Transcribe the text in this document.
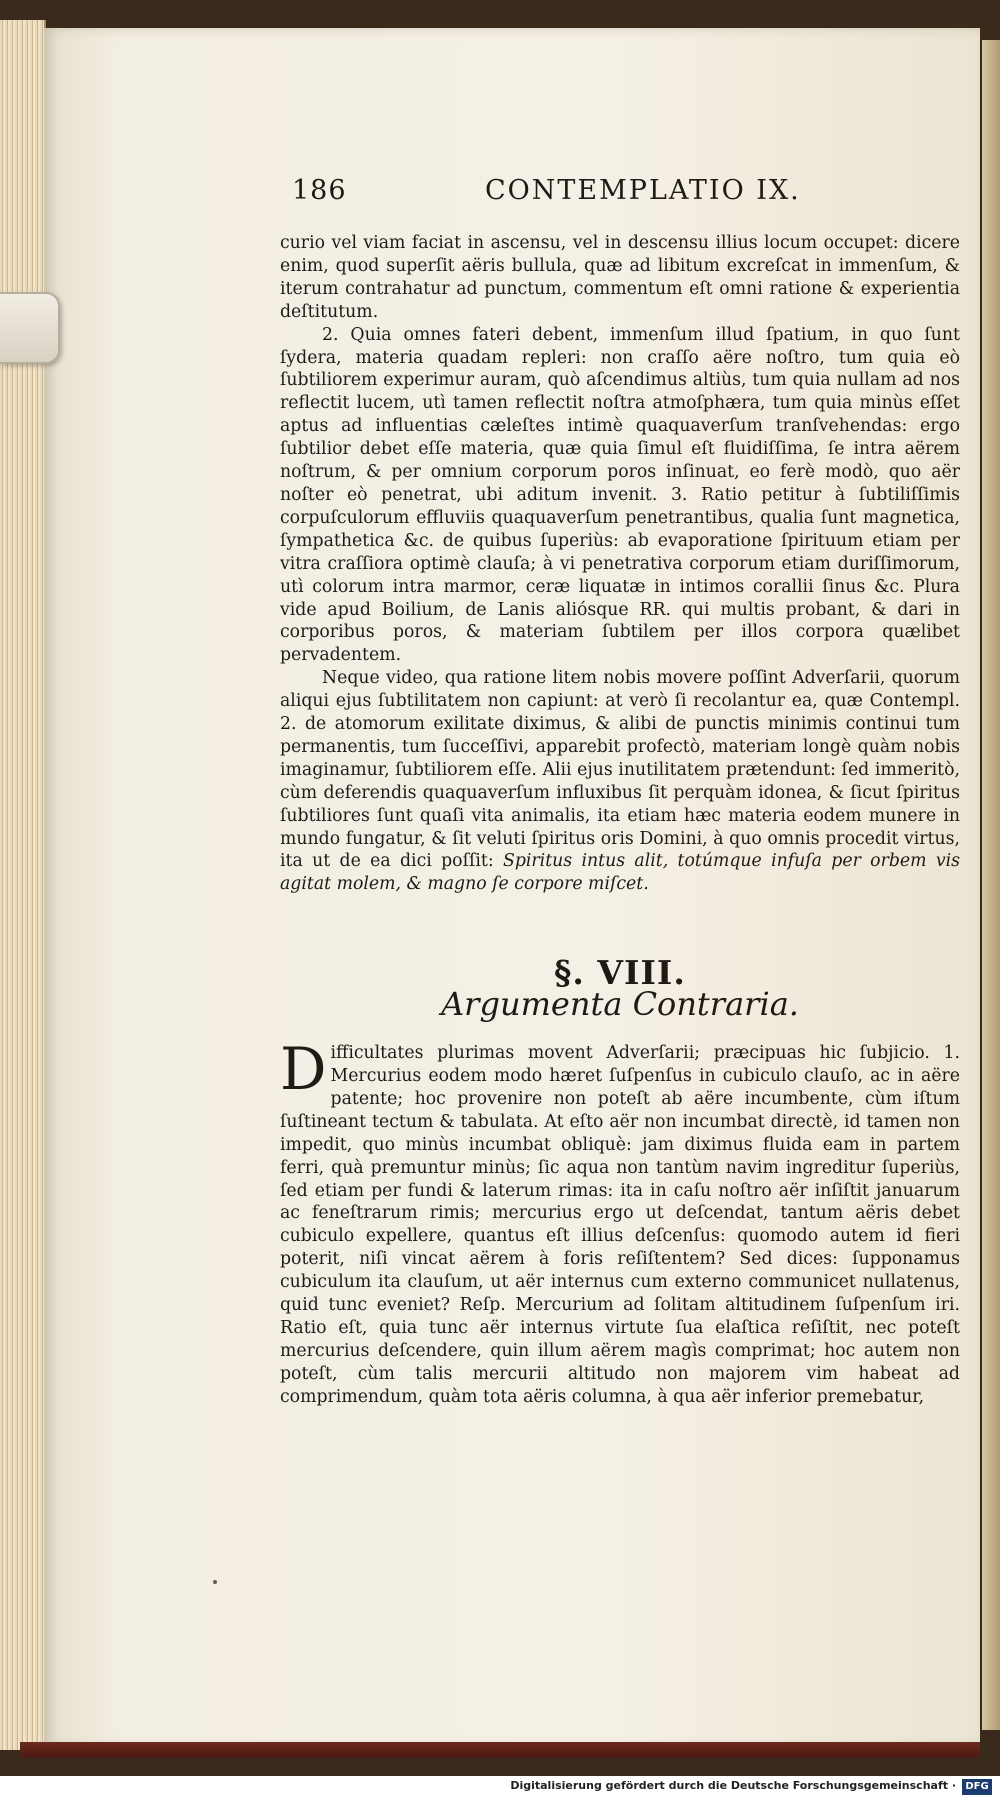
186	CONTEMPLATIO IX.

curio vel viam faciat in ascensu, vel in descensu illius locum occupet: dicere enim, quod superſit aëris bullula, quæ ad libitum excreſcat in immenſum, & iterum contrahatur ad punctum, commentum eſt omni ratione & experientia deſtitutum.

2. Quia omnes fateri debent, immenſum illud ſpatium, in quo ſunt ſydera, materia quadam repleri: non craſſo aëre noſtro, tum quia eò ſubtiliorem experimur auram, quò aſcendimus altiùs, tum quia nullam ad nos reflectit lucem, utì tamen reflectit noſtra atmoſphæra, tum quia minùs eſſet aptus ad influentias cæleſtes intimè quaquaverſum tranſvehendas: ergo ſubtilior debet eſſe materia, quæ quia ſimul eſt fluidiſſima, ſe intra aërem noſtrum, & per omnium corporum poros inſinuat, eo ferè modò, quo aër noſter eò penetrat, ubi aditum invenit. 3. Ratio petitur à ſubtiliſſimis corpuſculorum effluviis quaquaverſum penetrantibus, qualia ſunt magnetica, ſympathetica &c. de quibus ſuperiùs: ab evaporatione ſpirituum etiam per vitra craſſiora optimè clauſa; à vi penetrativa corporum etiam duriſſimorum, utì colorum intra marmor, ceræ liquatæ in intimos corallii ſinus &c. Plura vide apud Boilium, de Lanis aliósque RR. qui multis probant, & dari in corporibus poros, & materiam ſubtilem per illos corpora quælibet pervadentem.

Neque video, qua ratione litem nobis movere poſſint Adverſarii, quorum aliqui ejus ſubtilitatem non capiunt: at verò ſi recolantur ea, quæ Contempl. 2. de atomorum exilitate diximus, & alibi de punctis minimis continui tum permanentis, tum ſucceſſivi, apparebit profectò, materiam longè quàm nobis imaginamur, ſubtiliorem eſſe. Alii ejus inutilitatem prætendunt: ſed immeritò, cùm deferendis quaquaverſum influxibus ſit perquàm idonea, & ſicut ſpiritus ſubtiliores ſunt quaſi vita animalis, ita etiam hæc materia eodem munere in mundo fungatur, & ſit veluti ſpiritus oris Domini, à quo omnis procedit virtus, ita ut de ea dici poſſit: Spiritus intus alit, totúmque infuſa per orbem vis agitat molem, & magno ſe corpore miſcet.

§. VIII.
Argumenta Contraria.

Difficultates plurimas movent Adverſarii; præcipuas hic ſubjicio. 1. Mercurius eodem modo hæret ſuſpenſus in cubiculo clauſo, ac in aëre patente; hoc provenire non poteſt ab aëre incumbente, cùm iſtum ſuſtineant tectum & tabulata. At eſto aër non incumbat directè, id tamen non impedit, quo minùs incumbat obliquè: jam diximus fluida eam in partem ferri, quà premuntur minùs; ſic aqua non tantùm navim ingreditur ſuperiùs, ſed etiam per fundi & laterum rimas: ita in caſu noſtro aër inſiſtit januarum ac feneſtrarum rimis; mercurius ergo ut deſcendat, tantum aëris debet cubiculo expellere, quantus eſt illius deſcenſus: quomodo autem id fieri poterit, niſi vincat aërem à foris reſiſtentem? Sed dices: ſupponamus cubiculum ita clauſum, ut aër internus cum externo communicet nullatenus, quid tunc eveniet? Reſp. Mercurium ad ſolitam altitudinem ſuſpenſum iri. Ratio eſt, quia tunc aër internus virtute ſua elaſtica reſiſtit, nec poteſt mercurius deſcendere, quin illum aërem magìs comprimat; hoc autem non poteſt, cùm talis mercurii altitudo non majorem vim habeat ad comprimendum, quàm tota aëris columna, à qua aër inferior premebatur,

Digitalisierung gefördert durch die Deutsche Forschungsgemeinschaft · DFG
